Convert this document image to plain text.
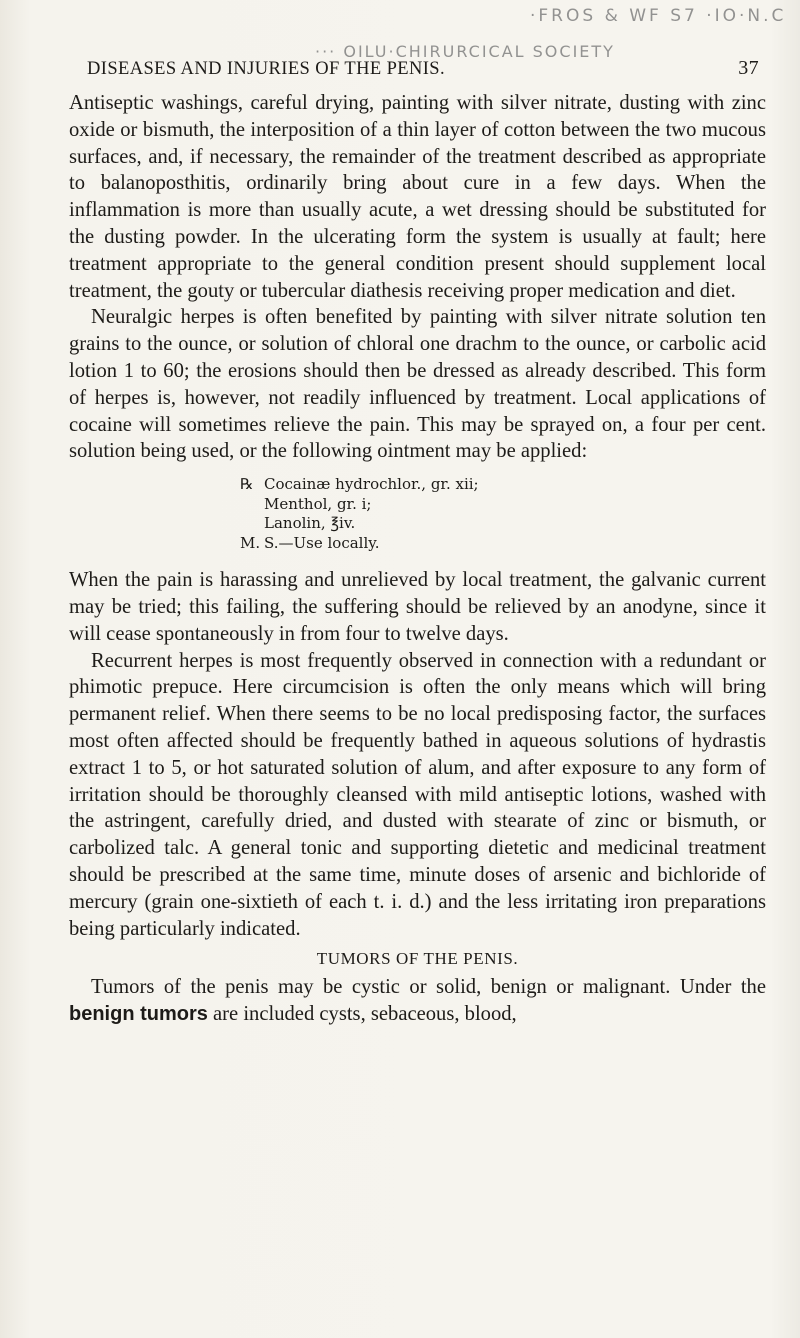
·FROS & WF S7 ·IO·N.C
··· OILU·CHIRURCICAL SOCIETY
DISEASES AND INJURIES OF THE PENIS.	37

Antiseptic washings, careful drying, painting with silver nitrate, dusting with zinc oxide or bismuth, the interposition of a thin layer of cotton between the two mucous surfaces, and, if necessary, the remainder of the treatment described as appropriate to balanoposthitis, ordinarily bring about cure in a few days. When the inflammation is more than usually acute, a wet dressing should be substituted for the dusting powder. In the ulcerating form the system is usually at fault; here treatment appropriate to the general condition present should supplement local treatment, the gouty or tubercular diathesis receiving proper medication and diet.

Neuralgic herpes is often benefited by painting with silver nitrate solution ten grains to the ounce, or solution of chloral one drachm to the ounce, or carbolic acid lotion 1 to 60; the erosions should then be dressed as already described. This form of herpes is, however, not readily influenced by treatment. Local applications of cocaine will sometimes relieve the pain. This may be sprayed on, a four per cent. solution being used, or the following ointment may be applied:

℞ Cocainæ hydrochlor., gr. xii;
Menthol, gr. i;
Lanolin, ℥iv.
M. S.—Use locally.

When the pain is harassing and unrelieved by local treatment, the galvanic current may be tried; this failing, the suffering should be relieved by an anodyne, since it will cease spontaneously in from four to twelve days.

Recurrent herpes is most frequently observed in connection with a redundant or phimotic prepuce. Here circumcision is often the only means which will bring permanent relief. When there seems to be no local predisposing factor, the surfaces most often affected should be frequently bathed in aqueous solutions of hydrastis extract 1 to 5, or hot saturated solution of alum, and after exposure to any form of irritation should be thoroughly cleansed with mild antiseptic lotions, washed with the astringent, carefully dried, and dusted with stearate of zinc or bismuth, or carbolized talc. A general tonic and supporting dietetic and medicinal treatment should be prescribed at the same time, minute doses of arsenic and bichloride of mercury (grain one-sixtieth of each t. i. d.) and the less irritating iron preparations being particularly indicated.

TUMORS OF THE PENIS.

Tumors of the penis may be cystic or solid, benign or malignant. Under the benign tumors are included cysts, sebaceous, blood,
